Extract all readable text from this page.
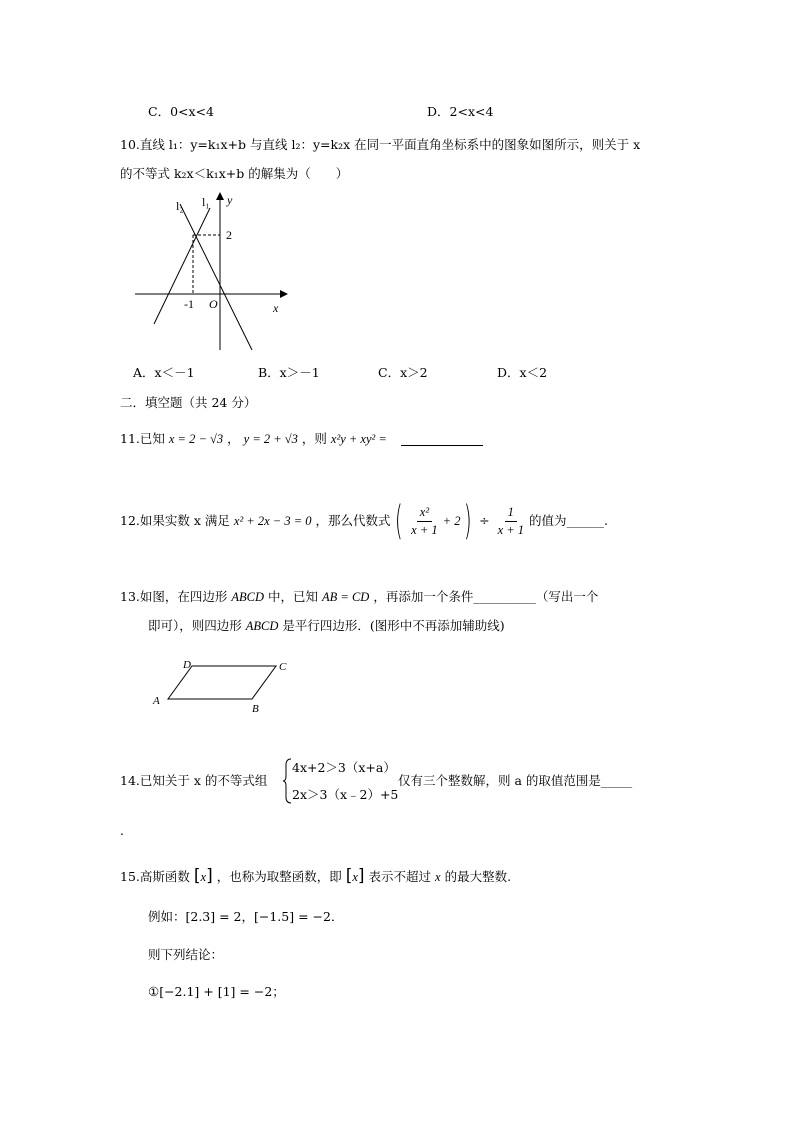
C．0<x<4	D．2<x<4
10.直线 l₁：y=k₁x+b 与直线 l₂：y=k₂x 在同一平面直角坐标系中的图象如图所示，则关于 x
的不等式 k₂x＜k₁x+b 的解集为（　　）
l₂ l₁ y
2
-1 O	x
A．x＜－1	B．x＞－1	C．x＞2	D．x＜2
二．填空题（共 24 分）
11.已知 x = 2 − √3 ， y = 2 + √3 ，则 x²y + xy² =
12.如果实数 x 满足 x² + 2x − 3 = 0 ，那么代数式 ( $\frac{\text{x²}}{x + 1} + 2$ ) ÷ $\frac{1}{x + 1}$ 的值为______.
13.如图，在四边形 ABCD 中，已知 AB = CD ，再添加一个条件__________（写出一个
即可），则四边形 ABCD 是平行四边形．(图形中不再添加辅助线)
A
B
C
D
14.已知关于 x 的不等式组
4x+2＞3（x+a）
2x＞3（x﹣2）+5
仅有三个整数解，则 a 的取值范围是_____
.
15.高斯函数 [x] ，也称为取整函数，即 [x] 表示不超过 x 的最大整数.
例如：[2.3] = 2，[−1.5] = −2．
则下列结论：
①[−2.1] + [1] = −2；
